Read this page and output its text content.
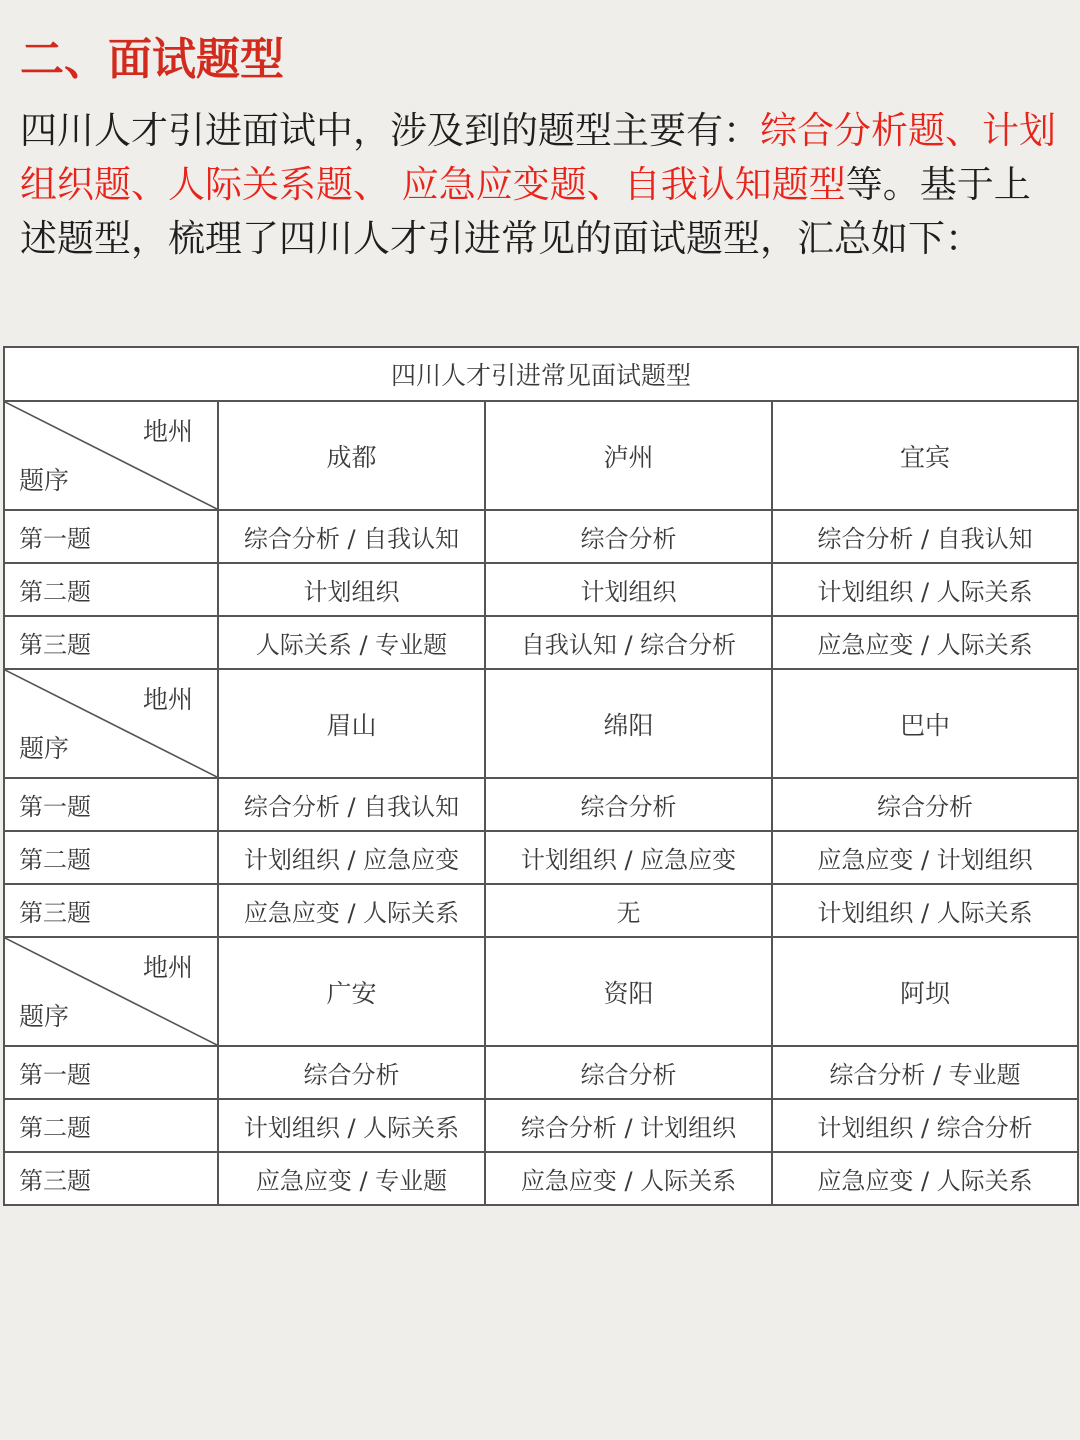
二、面试题型

四川人才引进面试中，涉及到的题型主要有：综合分析题、计划组织题、人际关系题、 应急应变题、自我认知题型等。基于上述题型，梳理了四川人才引进常见的面试题型，汇总如下：

四川人才引进常见面试题型			

地州
题序	成都	泸州	宜宾
第一题	综合分析 / 自我认知	综合分析	综合分析 / 自我认知
第二题	计划组织	计划组织	计划组织 / 人际关系
第三题	人际关系 / 专业题	自我认知 / 综合分析	应急应变 / 人际关系

地州
题序	眉山	绵阳	巴中
第一题	综合分析 / 自我认知	综合分析	综合分析
第二题	计划组织 / 应急应变	计划组织 / 应急应变	应急应变 / 计划组织
第三题	应急应变 / 人际关系	无	计划组织 / 人际关系

地州
题序	广安	资阳	阿坝
第一题	综合分析	综合分析	综合分析 / 专业题
第二题	计划组织 / 人际关系	综合分析 / 计划组织	计划组织 / 综合分析
第三题	应急应变 / 专业题	应急应变 / 人际关系	应急应变 / 人际关系
